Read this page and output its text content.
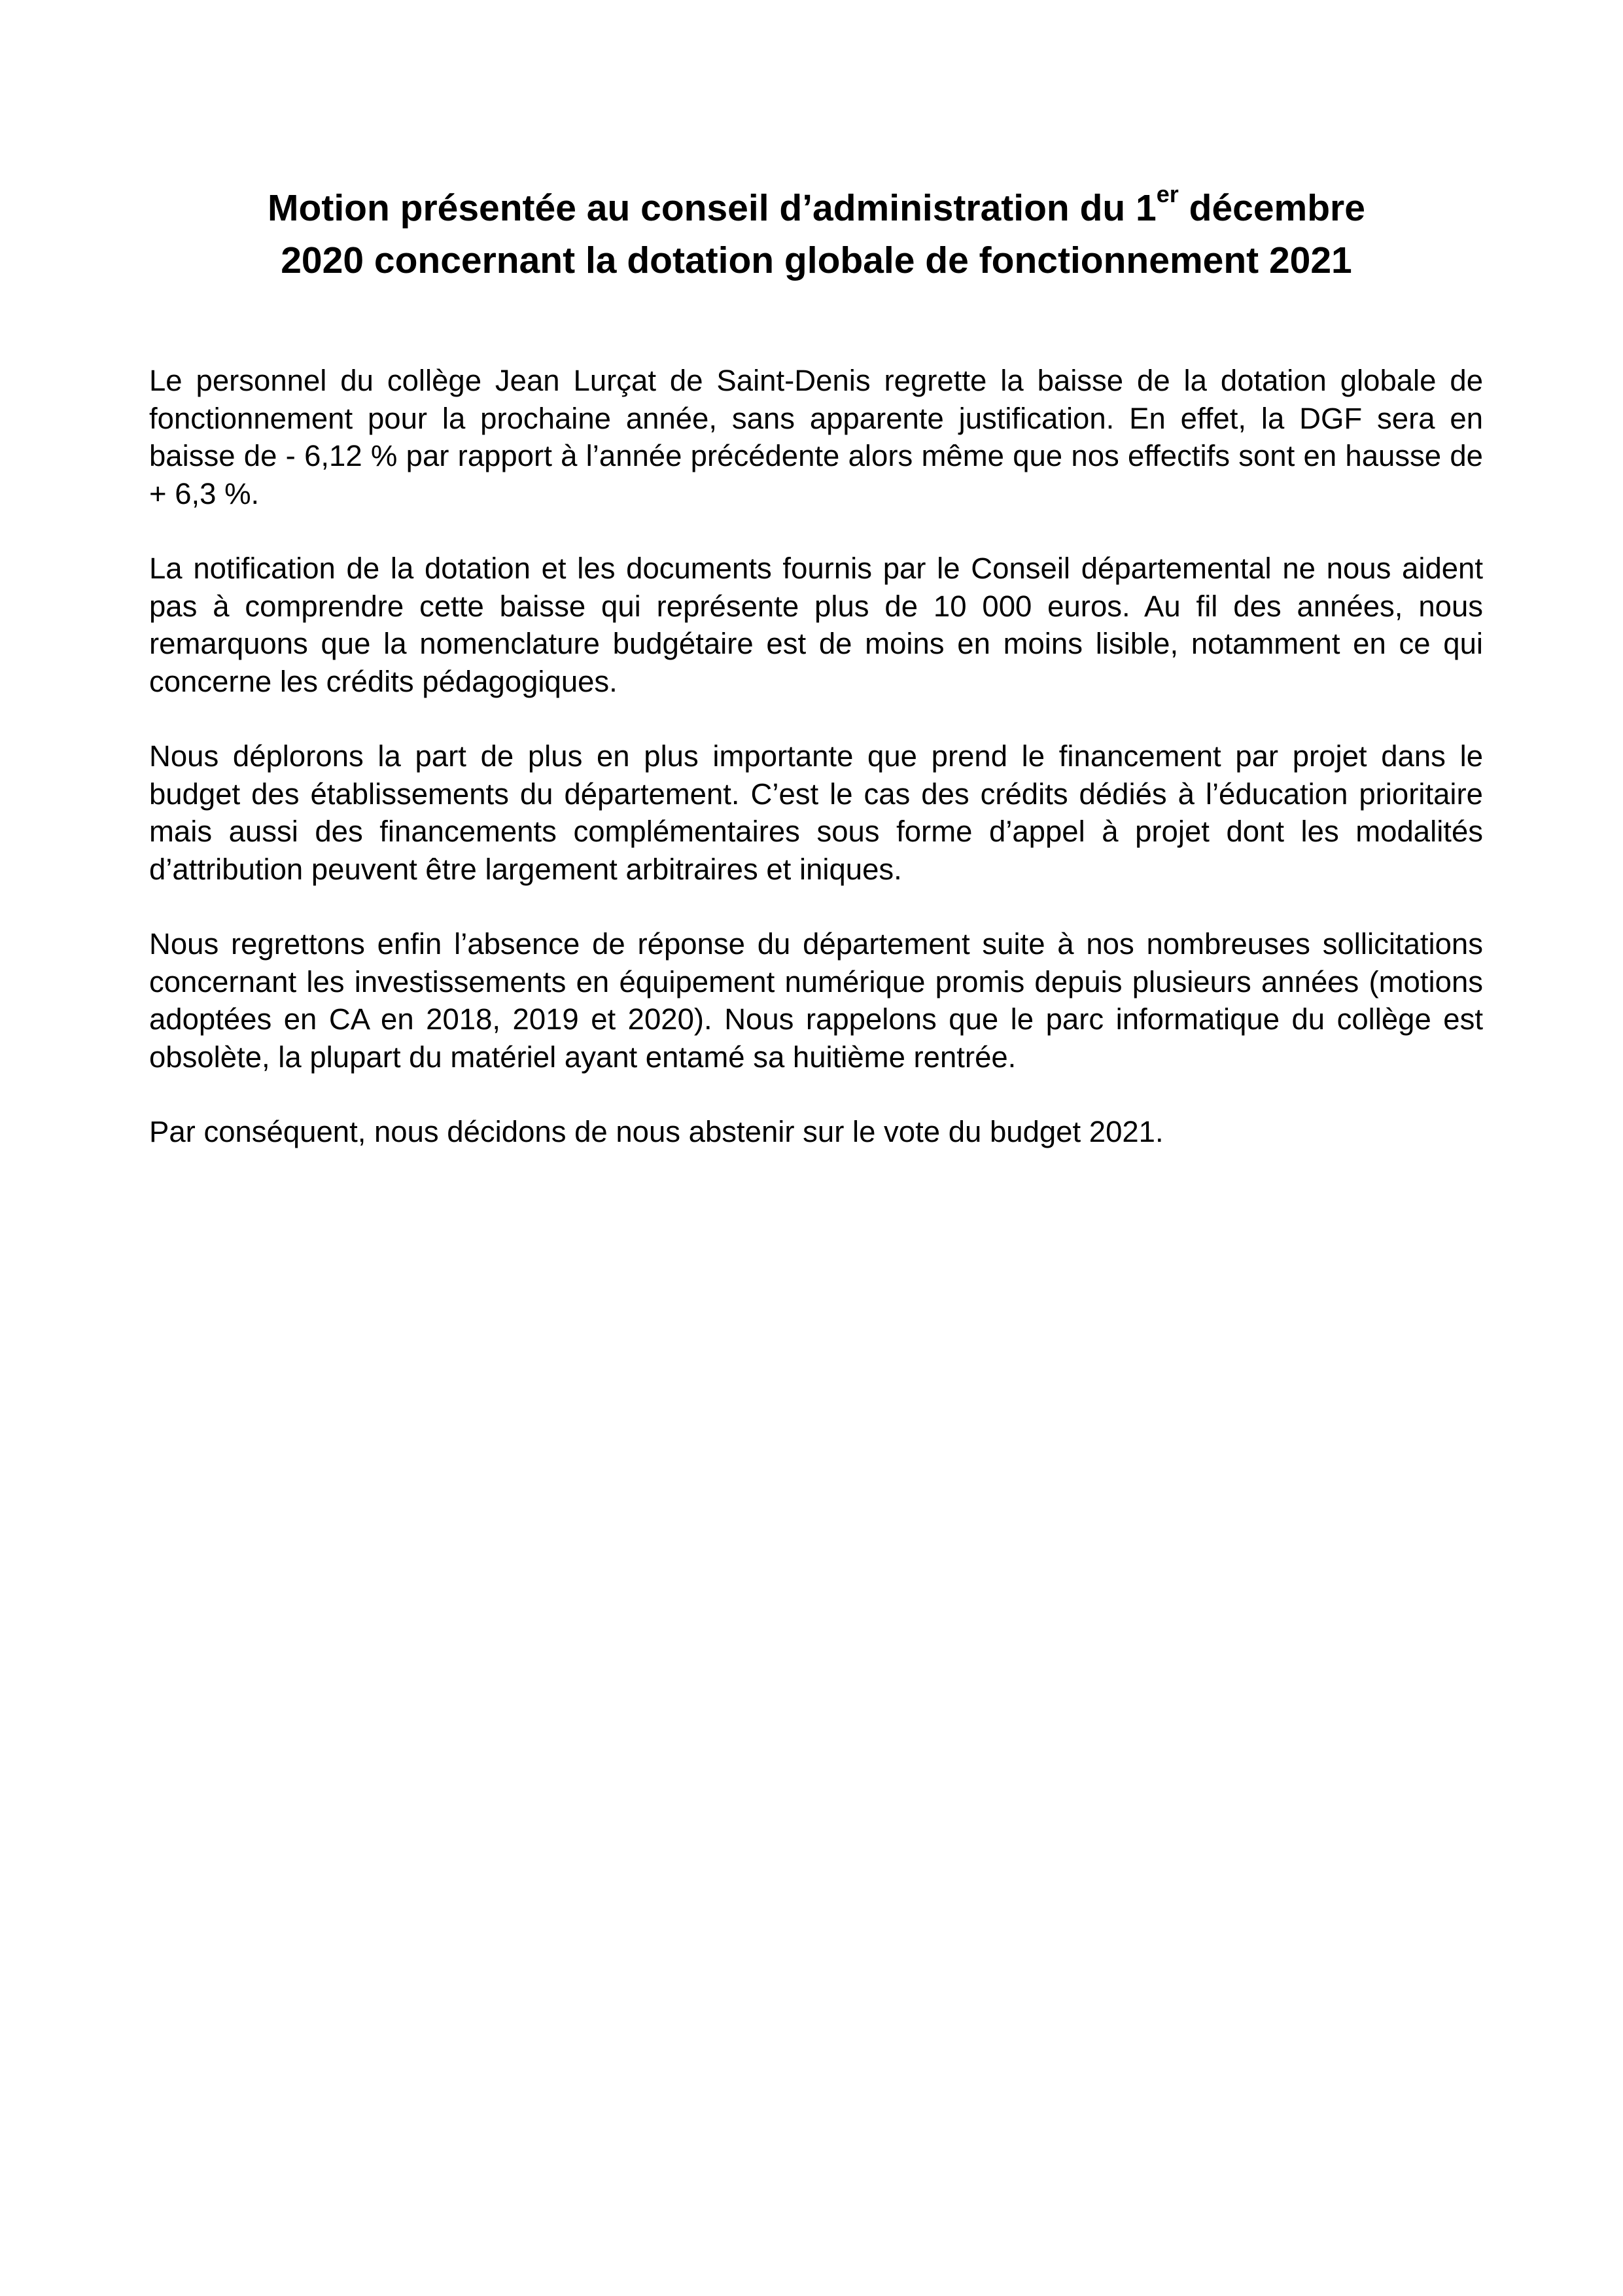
Motion présentée au conseil d’administration du 1er décembre
2020 concernant la dotation globale de fonctionnement 2021

Le personnel du collège Jean Lurçat de Saint-Denis regrette la baisse de la dotation globale de fonctionnement pour la prochaine année, sans apparente justification. En effet, la DGF sera en baisse de - 6,12 % par rapport à l’année précédente alors même que nos effectifs sont en hausse de + 6,3 %.

La notification de la dotation et les documents fournis par le Conseil départemental ne nous aident pas à comprendre cette baisse qui représente plus de 10 000 euros. Au fil des années, nous remarquons que la nomenclature budgétaire est de moins en moins lisible, notamment en ce qui concerne les crédits pédagogiques.

Nous déplorons la part de plus en plus importante que prend le financement par projet dans le budget des établissements du département. C’est le cas des crédits dédiés à l’éducation prioritaire mais aussi des financements complémentaires sous forme d’appel à projet dont les modalités d’attribution peuvent être largement arbitraires et iniques.

Nous regrettons enfin l’absence de réponse du département suite à nos nombreuses sollicitations concernant les investissements en équipement numérique promis depuis plusieurs années (motions adoptées en CA en 2018, 2019 et 2020). Nous rappelons que le parc informatique du collège est obsolète, la plupart du matériel ayant entamé sa huitième rentrée.

Par conséquent, nous décidons de nous abstenir sur le vote du budget 2021.
